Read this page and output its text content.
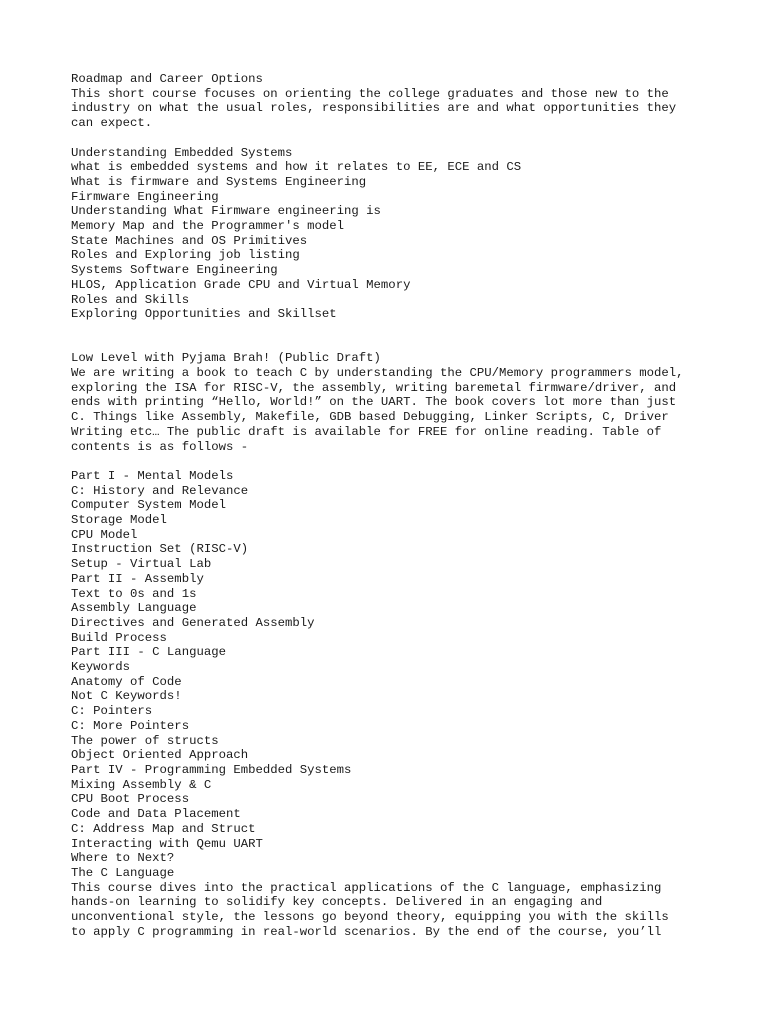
Roadmap and Career Options
This short course focuses on orienting the college graduates and those new to the
industry on what the usual roles, responsibilities are and what opportunities they
can expect.
Understanding Embedded Systems
what is embedded systems and how it relates to EE, ECE and CS
What is firmware and Systems Engineering
Firmware Engineering
Understanding What Firmware engineering is
Memory Map and the Programmer's model
State Machines and OS Primitives
Roles and Exploring job listing
Systems Software Engineering
HLOS, Application Grade CPU and Virtual Memory
Roles and Skills
Exploring Opportunities and Skillset
Low Level with Pyjama Brah! (Public Draft)
We are writing a book to teach C by understanding the CPU/Memory programmers model,
exploring the ISA for RISC-V, the assembly, writing baremetal firmware/driver, and
ends with printing “Hello, World!” on the UART. The book covers lot more than just
C. Things like Assembly, Makefile, GDB based Debugging, Linker Scripts, C, Driver
Writing etc… The public draft is available for FREE for online reading. Table of
contents is as follows -
Part I - Mental Models
C: History and Relevance
Computer System Model
Storage Model
CPU Model
Instruction Set (RISC-V)
Setup - Virtual Lab
Part II - Assembly
Text to 0s and 1s
Assembly Language
Directives and Generated Assembly
Build Process
Part III - C Language
Keywords
Anatomy of Code
Not C Keywords!
C: Pointers
C: More Pointers
The power of structs
Object Oriented Approach
Part IV - Programming Embedded Systems
Mixing Assembly & C
CPU Boot Process
Code and Data Placement
C: Address Map and Struct
Interacting with Qemu UART
Where to Next?
The C Language
This course dives into the practical applications of the C language, emphasizing
hands-on learning to solidify key concepts. Delivered in an engaging and
unconventional style, the lessons go beyond theory, equipping you with the skills
to apply C programming in real-world scenarios. By the end of the course, you’ll
